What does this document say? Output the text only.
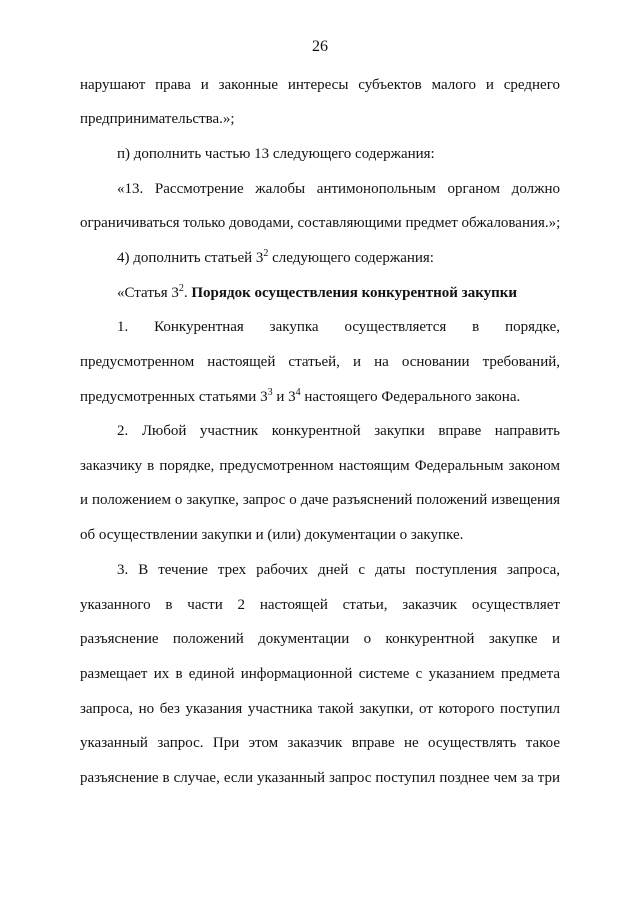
26
нарушают права и законные интересы субъектов малого и среднего
предпринимательства.»;
п) дополнить частью 13 следующего содержания:
«13. Рассмотрение жалобы антимонопольным органом должно
ограничиваться только доводами, составляющими предмет обжалования.»;
4) дополнить статьей $3^2$ следующего содержания:
«Статья $3^2$. Порядок осуществления конкурентной закупки
1. Конкурентная закупка осуществляется в порядке,
предусмотренном настоящей статьей, и на основании требований,
предусмотренных статьями $3^3$ и $3^4$ настоящего Федерального закона.
2. Любой участник конкурентной закупки вправе направить
заказчику в порядке, предусмотренном настоящим Федеральным законом
и положением о закупке, запрос о даче разъяснений положений извещения
об осуществлении закупки и (или) документации о закупке.
3. В течение трех рабочих дней с даты поступления запроса,
указанного в части 2 настоящей статьи, заказчик осуществляет
разъяснение положений документации о конкурентной закупке и
размещает их в единой информационной системе с указанием предмета
запроса, но без указания участника такой закупки, от которого поступил
указанный запрос. При этом заказчик вправе не осуществлять такое
разъяснение в случае, если указанный запрос поступил позднее чем за три
